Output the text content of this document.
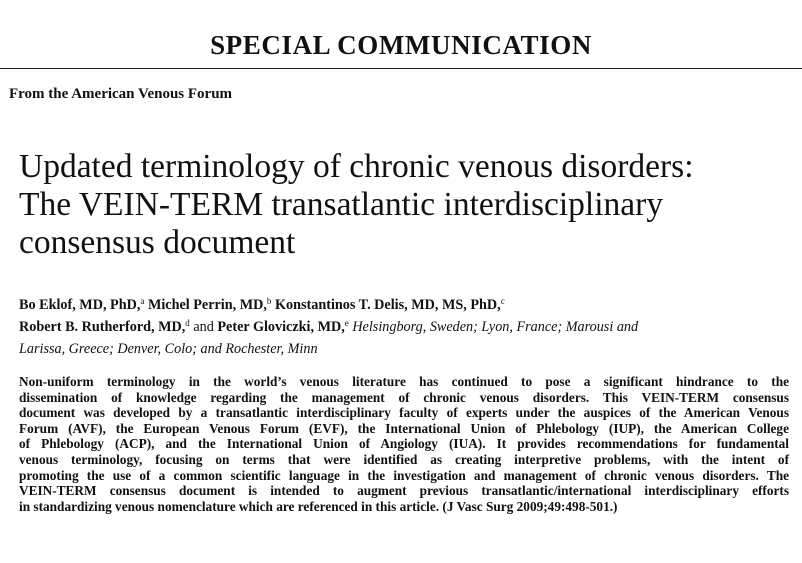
SPECIAL COMMUNICATION
From the American Venous Forum
Updated terminology of chronic venous disorders:
The VEIN-TERM transatlantic interdisciplinary
consensus document
Bo Eklof, MD, PhD,$^a$ Michel Perrin, MD,$^b$ Konstantinos T. Delis, MD, MS, PhD,$^c$
Robert B. Rutherford, MD,$^d$ and Peter Gloviczki, MD,$^e$ Helsingborg, Sweden; Lyon, France; Marousi and
Larissa, Greece; Denver, Colo; and Rochester, Minn
Non-uniform terminology in the world’s venous literature has continued to pose a significant hindrance to the
dissemination of knowledge regarding the management of chronic venous disorders. This VEIN-TERM consensus
document was developed by a transatlantic interdisciplinary faculty of experts under the auspices of the American Venous
Forum (AVF), the European Venous Forum (EVF), the International Union of Phlebology (IUP), the American College
of Phlebology (ACP), and the International Union of Angiology (IUA). It provides recommendations for fundamental
venous terminology, focusing on terms that were identified as creating interpretive problems, with the intent of
promoting the use of a common scientific language in the investigation and management of chronic venous disorders. The
VEIN-TERM consensus document is intended to augment previous transatlantic/international interdisciplinary efforts
in standardizing venous nomenclature which are referenced in this article. (J Vasc Surg 2009;49:498-501.)
